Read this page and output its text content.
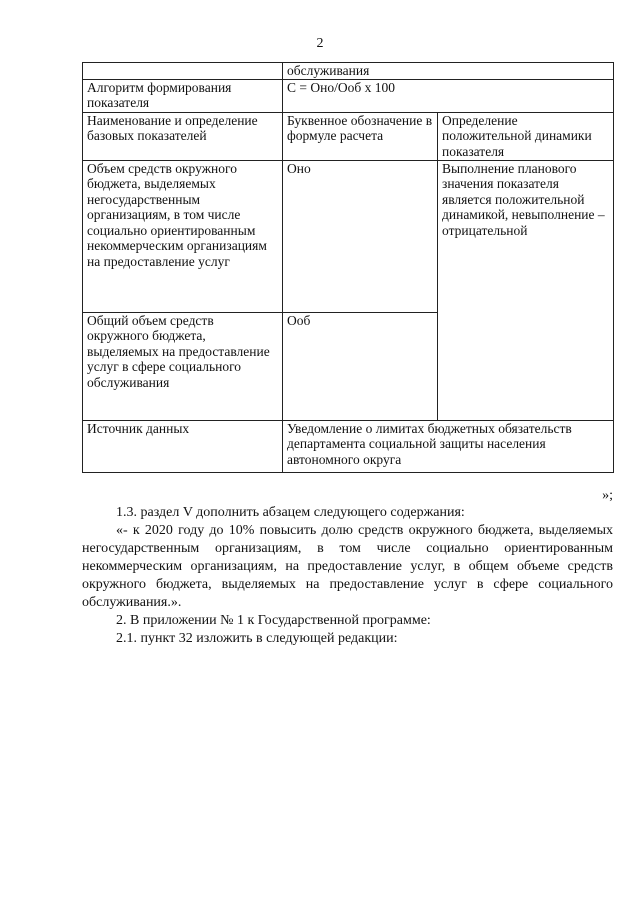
2
	обслуживания	
Алгоритм формирования показателя	С = Оно/Ооб x 100	
Наименование и определение базовых показателей	Буквенное обозначение в формуле расчета	Определение положительной динамики показателя
Объем средств окружного бюджета, выделяемых негосударственным организациям, в том числе социально ориентированным некоммерческим организациям на предоставление услуг	Оно	Выполнение планового значения показателя является положительной динамикой, невыполнение – отрицательной
Общий объем средств окружного бюджета, выделяемых на предоставление услуг в сфере социального обслуживания	Ооб	
Источник данных	Уведомление о лимитах бюджетных обязательств департамента социальной защиты населения автономного округа	
»;
1.3. раздел V дополнить абзацем следующего содержания:
«- к 2020 году до 10% повысить долю средств окружного бюджета, выделяемых негосударственным организациям, в том числе социально ориентированным некоммерческим организациям, на предоставление услуг, в общем объеме средств окружного бюджета, выделяемых на предоставление услуг в сфере социального обслуживания.».
2. В приложении № 1 к Государственной программе:
2.1. пункт 32 изложить в следующей редакции:
